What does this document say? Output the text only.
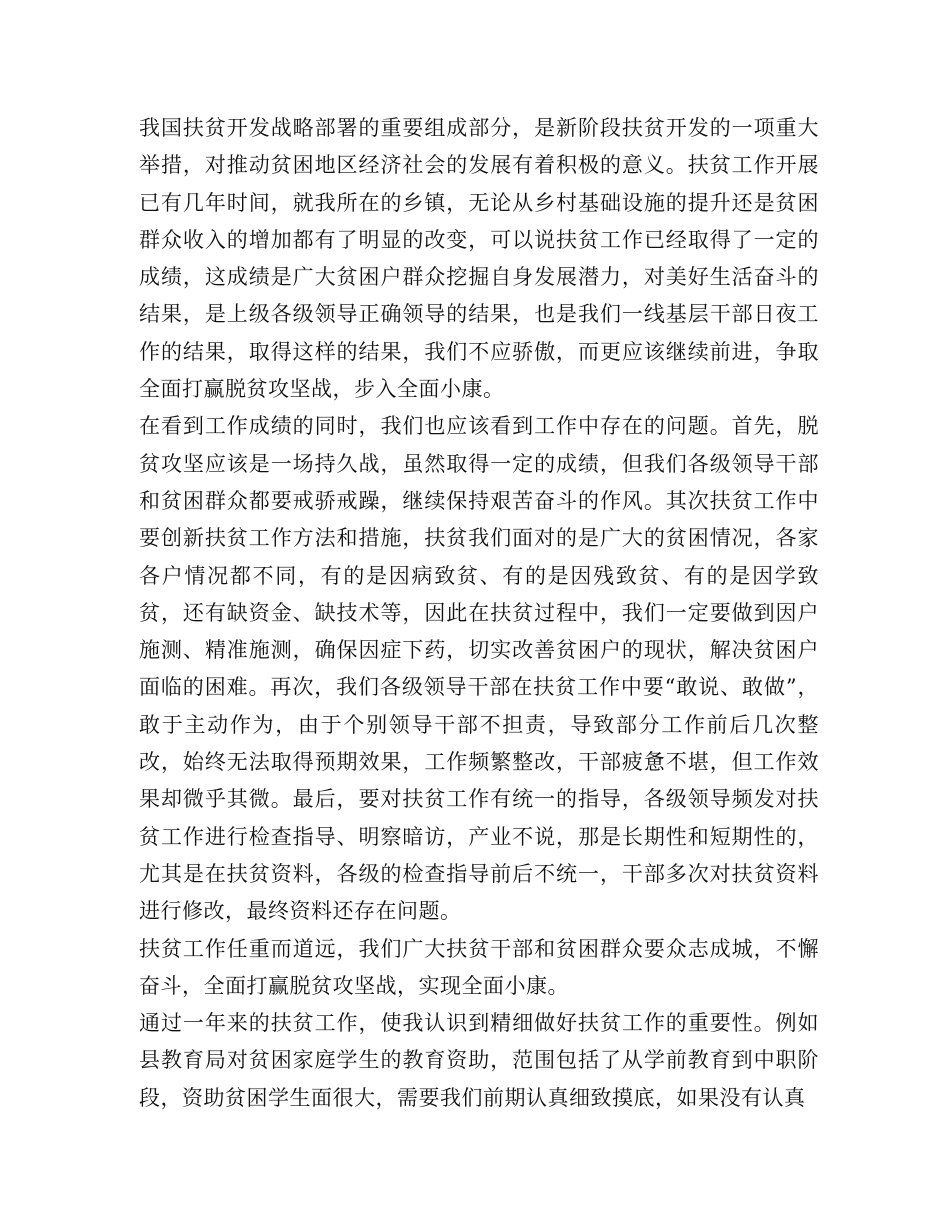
我国扶贫开发战略部署的重要组成部分，是新阶段扶贫开发的一项重大举措，对推动贫困地区经济社会的发展有着积极的意义。扶贫工作开展已有几年时间，就我所在的乡镇，无论从乡村基础设施的提升还是贫困群众收入的增加都有了明显的改变，可以说扶贫工作已经取得了一定的成绩，这成绩是广大贫困户群众挖掘自身发展潜力，对美好生活奋斗的结果，是上级各级领导正确领导的结果，也是我们一线基层干部日夜工作的结果，取得这样的结果，我们不应骄傲，而更应该继续前进，争取全面打赢脱贫攻坚战，步入全面小康。

在看到工作成绩的同时，我们也应该看到工作中存在的问题。首先，脱贫攻坚应该是一场持久战，虽然取得一定的成绩，但我们各级领导干部和贫困群众都要戒骄戒躁，继续保持艰苦奋斗的作风。其次扶贫工作中要创新扶贫工作方法和措施，扶贫我们面对的是广大的贫困情况，各家各户情况都不同，有的是因病致贫、有的是因残致贫、有的是因学致贫，还有缺资金、缺技术等，因此在扶贫过程中，我们一定要做到因户施测、精准施测，确保因症下药，切实改善贫困户的现状，解决贫困户面临的困难。再次，我们各级领导干部在扶贫工作中要“敢说、敢做”，敢于主动作为，由于个别领导干部不担责，导致部分工作前后几次整改，始终无法取得预期效果，工作频繁整改，干部疲惫不堪，但工作效果却微乎其微。最后，要对扶贫工作有统一的指导，各级领导频发对扶贫工作进行检查指导、明察暗访，产业不说，那是长期性和短期性的，尤其是在扶贫资料，各级的检查指导前后不统一，干部多次对扶贫资料进行修改，最终资料还存在问题。

扶贫工作任重而道远，我们广大扶贫干部和贫困群众要众志成城，不懈奋斗，全面打赢脱贫攻坚战，实现全面小康。

通过一年来的扶贫工作，使我认识到精细做好扶贫工作的重要性。例如县教育局对贫困家庭学生的教育资助，范围包括了从学前教育到中职阶段，资助贫困学生面很大，需要我们前期认真细致摸底，如果没有认真
